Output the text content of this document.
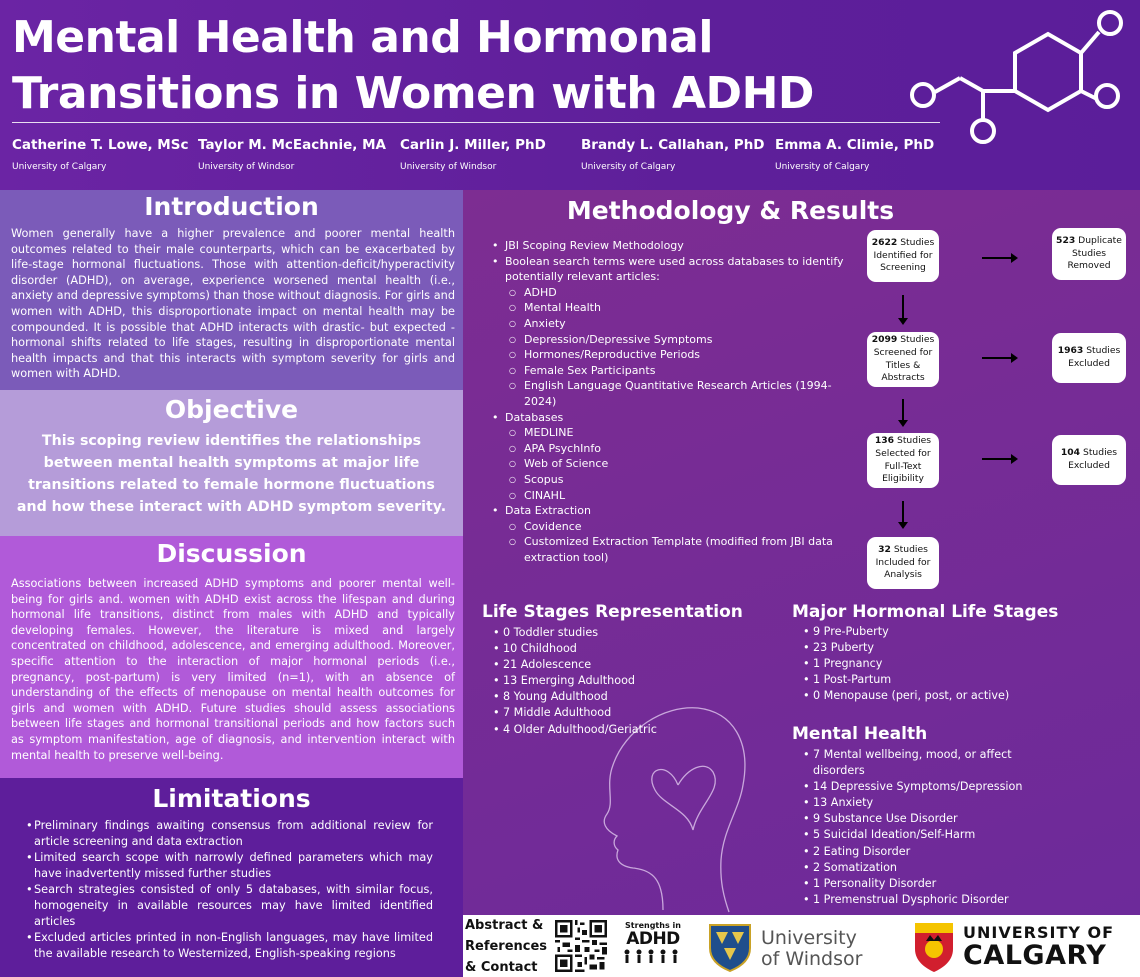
Mental Health and Hormonal Transitions in Women with ADHD
Catherine T. Lowe, MSc
University of Calgary
Taylor M. McEachnie, MA
University of Windsor
Carlin J. Miller, PhD
University of Windsor
Brandy L. Callahan, PhD
University of Calgary
Emma A. Climie, PhD
University of Calgary
Introduction
Women generally have a higher prevalence and poorer mental health outcomes related to their male counterparts, which can be exacerbated by life-stage hormonal fluctuations. Those with attention-deficit/hyperactivity disorder (ADHD), on average, experience worsened mental health (i.e., anxiety and depressive symptoms) than those without diagnosis. For girls and women with ADHD, this disproportionate impact on mental health may be compounded. It is possible that ADHD interacts with drastic- but expected - hormonal shifts related to life stages, resulting in disproportionate mental health impacts and that this interacts with symptom severity for girls and women with ADHD.
Objective
This scoping review identifies the relationships between mental health symptoms at major life transitions related to female hormone fluctuations and how these interact with ADHD symptom severity.
Discussion
Associations between increased ADHD symptoms and poorer mental well-being for girls and. women with ADHD exist across the lifespan and during hormonal life transitions, distinct from males with ADHD and typically developing females. However, the literature is mixed and largely concentrated on childhood, adolescence, and emerging adulthood. Moreover, specific attention to the interaction of major hormonal periods (i.e., pregnancy, post-partum) is very limited (n=1), with an absence of understanding of the effects of menopause on mental health outcomes for girls and women with ADHD. Future studies should assess associations between life stages and hormonal transitional periods and how factors such as symptom manifestation, age of diagnosis, and intervention interact with mental health to preserve well-being.
Limitations
• Preliminary findings awaiting consensus from additional review for article screening and data extraction
• Limited search scope with narrowly defined parameters which may have inadvertently missed further studies
• Search strategies consisted of only 5 databases, with similar focus, homogeneity in available resources may have limited identified articles
• Excluded articles printed in non-English languages, may have limited the available research to Westernized, English-speaking regions
Methodology & Results
• JBI Scoping Review Methodology
• Boolean search terms were used across databases to identify potentially relevant articles:
○ ADHD
○ Mental Health
○ Anxiety
○ Depression/Depressive Symptoms
○ Hormones/Reproductive Periods
○ Female Sex Participants
○ English Language Quantitative Research Articles (1994-2024)
• Databases
○ MEDLINE
○ APA PsychInfo
○ Web of Science
○ Scopus
○ CINAHL
• Data Extraction
○ Covidence
○ Customized Extraction Template (modified from JBI data extraction tool)
2622 Studies Identified for Screening
523 Duplicate Studies Removed
2099 Studies Screened for Titles & Abstracts
1963 Studies Excluded
136 Studies Selected for Full-Text Eligibility
104 Studies Excluded
32 Studies Included for Analysis
Life Stages Representation
• 0 Toddler studies
• 10 Childhood
• 21 Adolescence
• 13 Emerging Adulthood
• 8 Young Adulthood
• 7 Middle Adulthood
• 4 Older Adulthood/Geriatric
Major Hormonal Life Stages
• 9 Pre-Puberty
• 23 Puberty
• 1 Pregnancy
• 1 Post-Partum
• 0 Menopause (peri, post, or active)
Mental Health
• 7 Mental wellbeing, mood, or affect disorders
• 14 Depressive Symptoms/Depression
• 13 Anxiety
• 9 Substance Use Disorder
• 5 Suicidal Ideation/Self-Harm
• 2 Eating Disorder
• 2 Somatization
• 1 Personality Disorder
• 1 Premenstrual Dysphoric Disorder
Abstract &
References
& Contact
Strengths in
ADHD	University
of Windsor
UNIVERSITY OF
CALGARY
